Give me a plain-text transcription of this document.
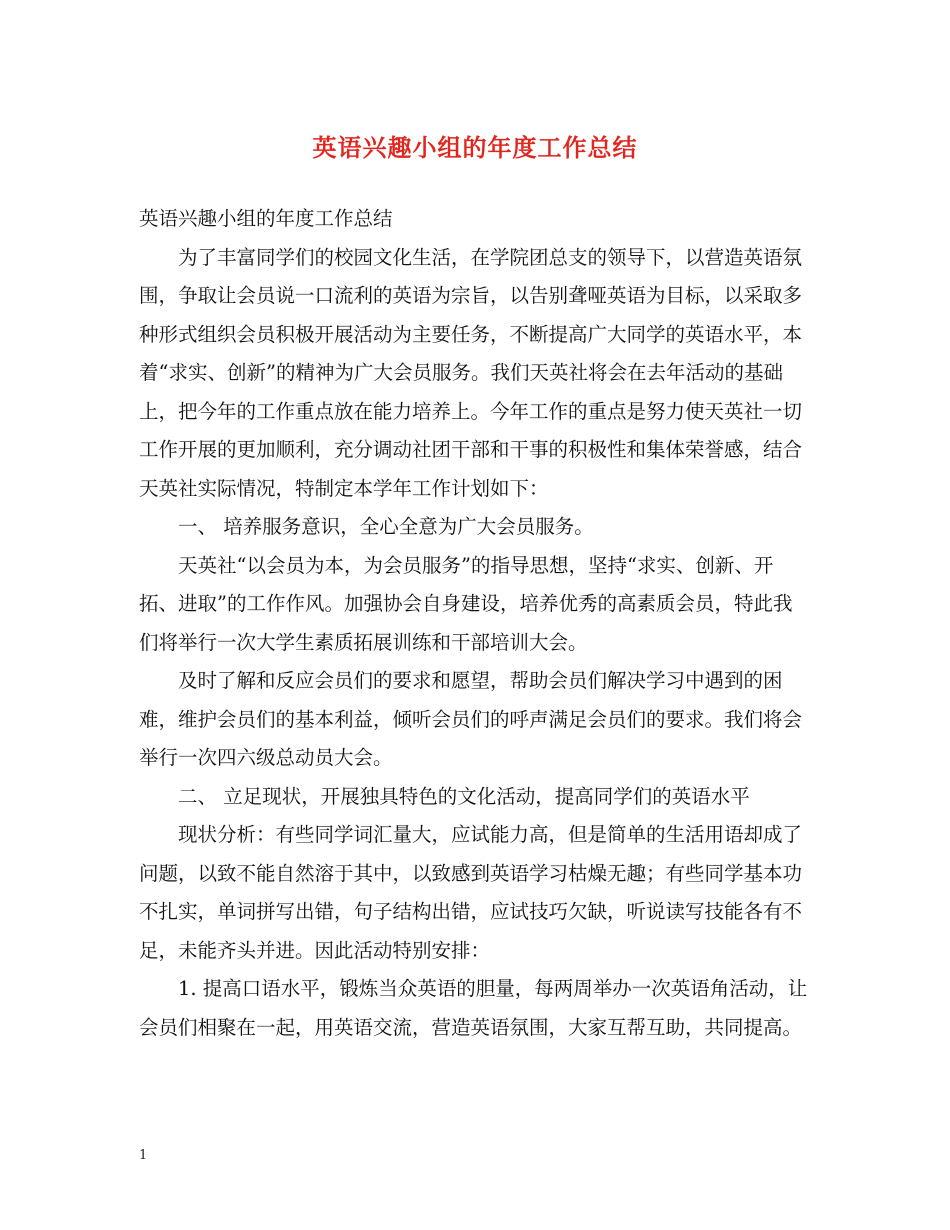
英语兴趣小组的年度工作总结

英语兴趣小组的年度工作总结

为了丰富同学们的校园文化生活，在学院团总支的领导下，以营造英语氛围，争取让会员说一口流利的英语为宗旨，以告别聋哑英语为目标，以采取多种形式组织会员积极开展活动为主要任务，不断提高广大同学的英语水平，本着“求实、创新”的精神为广大会员服务。我们天英社将会在去年活动的基础上，把今年的工作重点放在能力培养上。今年工作的重点是努力使天英社一切工作开展的更加顺利，充分调动社团干部和干事的积极性和集体荣誉感，结合天英社实际情况，特制定本学年工作计划如下：

一、 培养服务意识，全心全意为广大会员服务。

天英社“以会员为本，为会员服务”的指导思想，坚持“求实、创新、开拓、进取”的工作作风。加强协会自身建设，培养优秀的高素质会员，特此我们将举行一次大学生素质拓展训练和干部培训大会。

及时了解和反应会员们的要求和愿望，帮助会员们解决学习中遇到的困难，维护会员们的基本利益，倾听会员们的呼声满足会员们的要求。我们将会举行一次四六级总动员大会。

二、 立足现状，开展独具特色的文化活动，提高同学们的英语水平

现状分析：有些同学词汇量大，应试能力高，但是简单的生活用语却成了问题，以致不能自然溶于其中，以致感到英语学习枯燥无趣；有些同学基本功不扎实，单词拼写出错，句子结构出错，应试技巧欠缺，听说读写技能各有不足，未能齐头并进。因此活动特别安排：

1. 提高口语水平，锻炼当众英语的胆量，每两周举办一次英语角活动，让会员们相聚在一起，用英语交流，营造英语氛围，大家互帮互助，共同提高。

1
